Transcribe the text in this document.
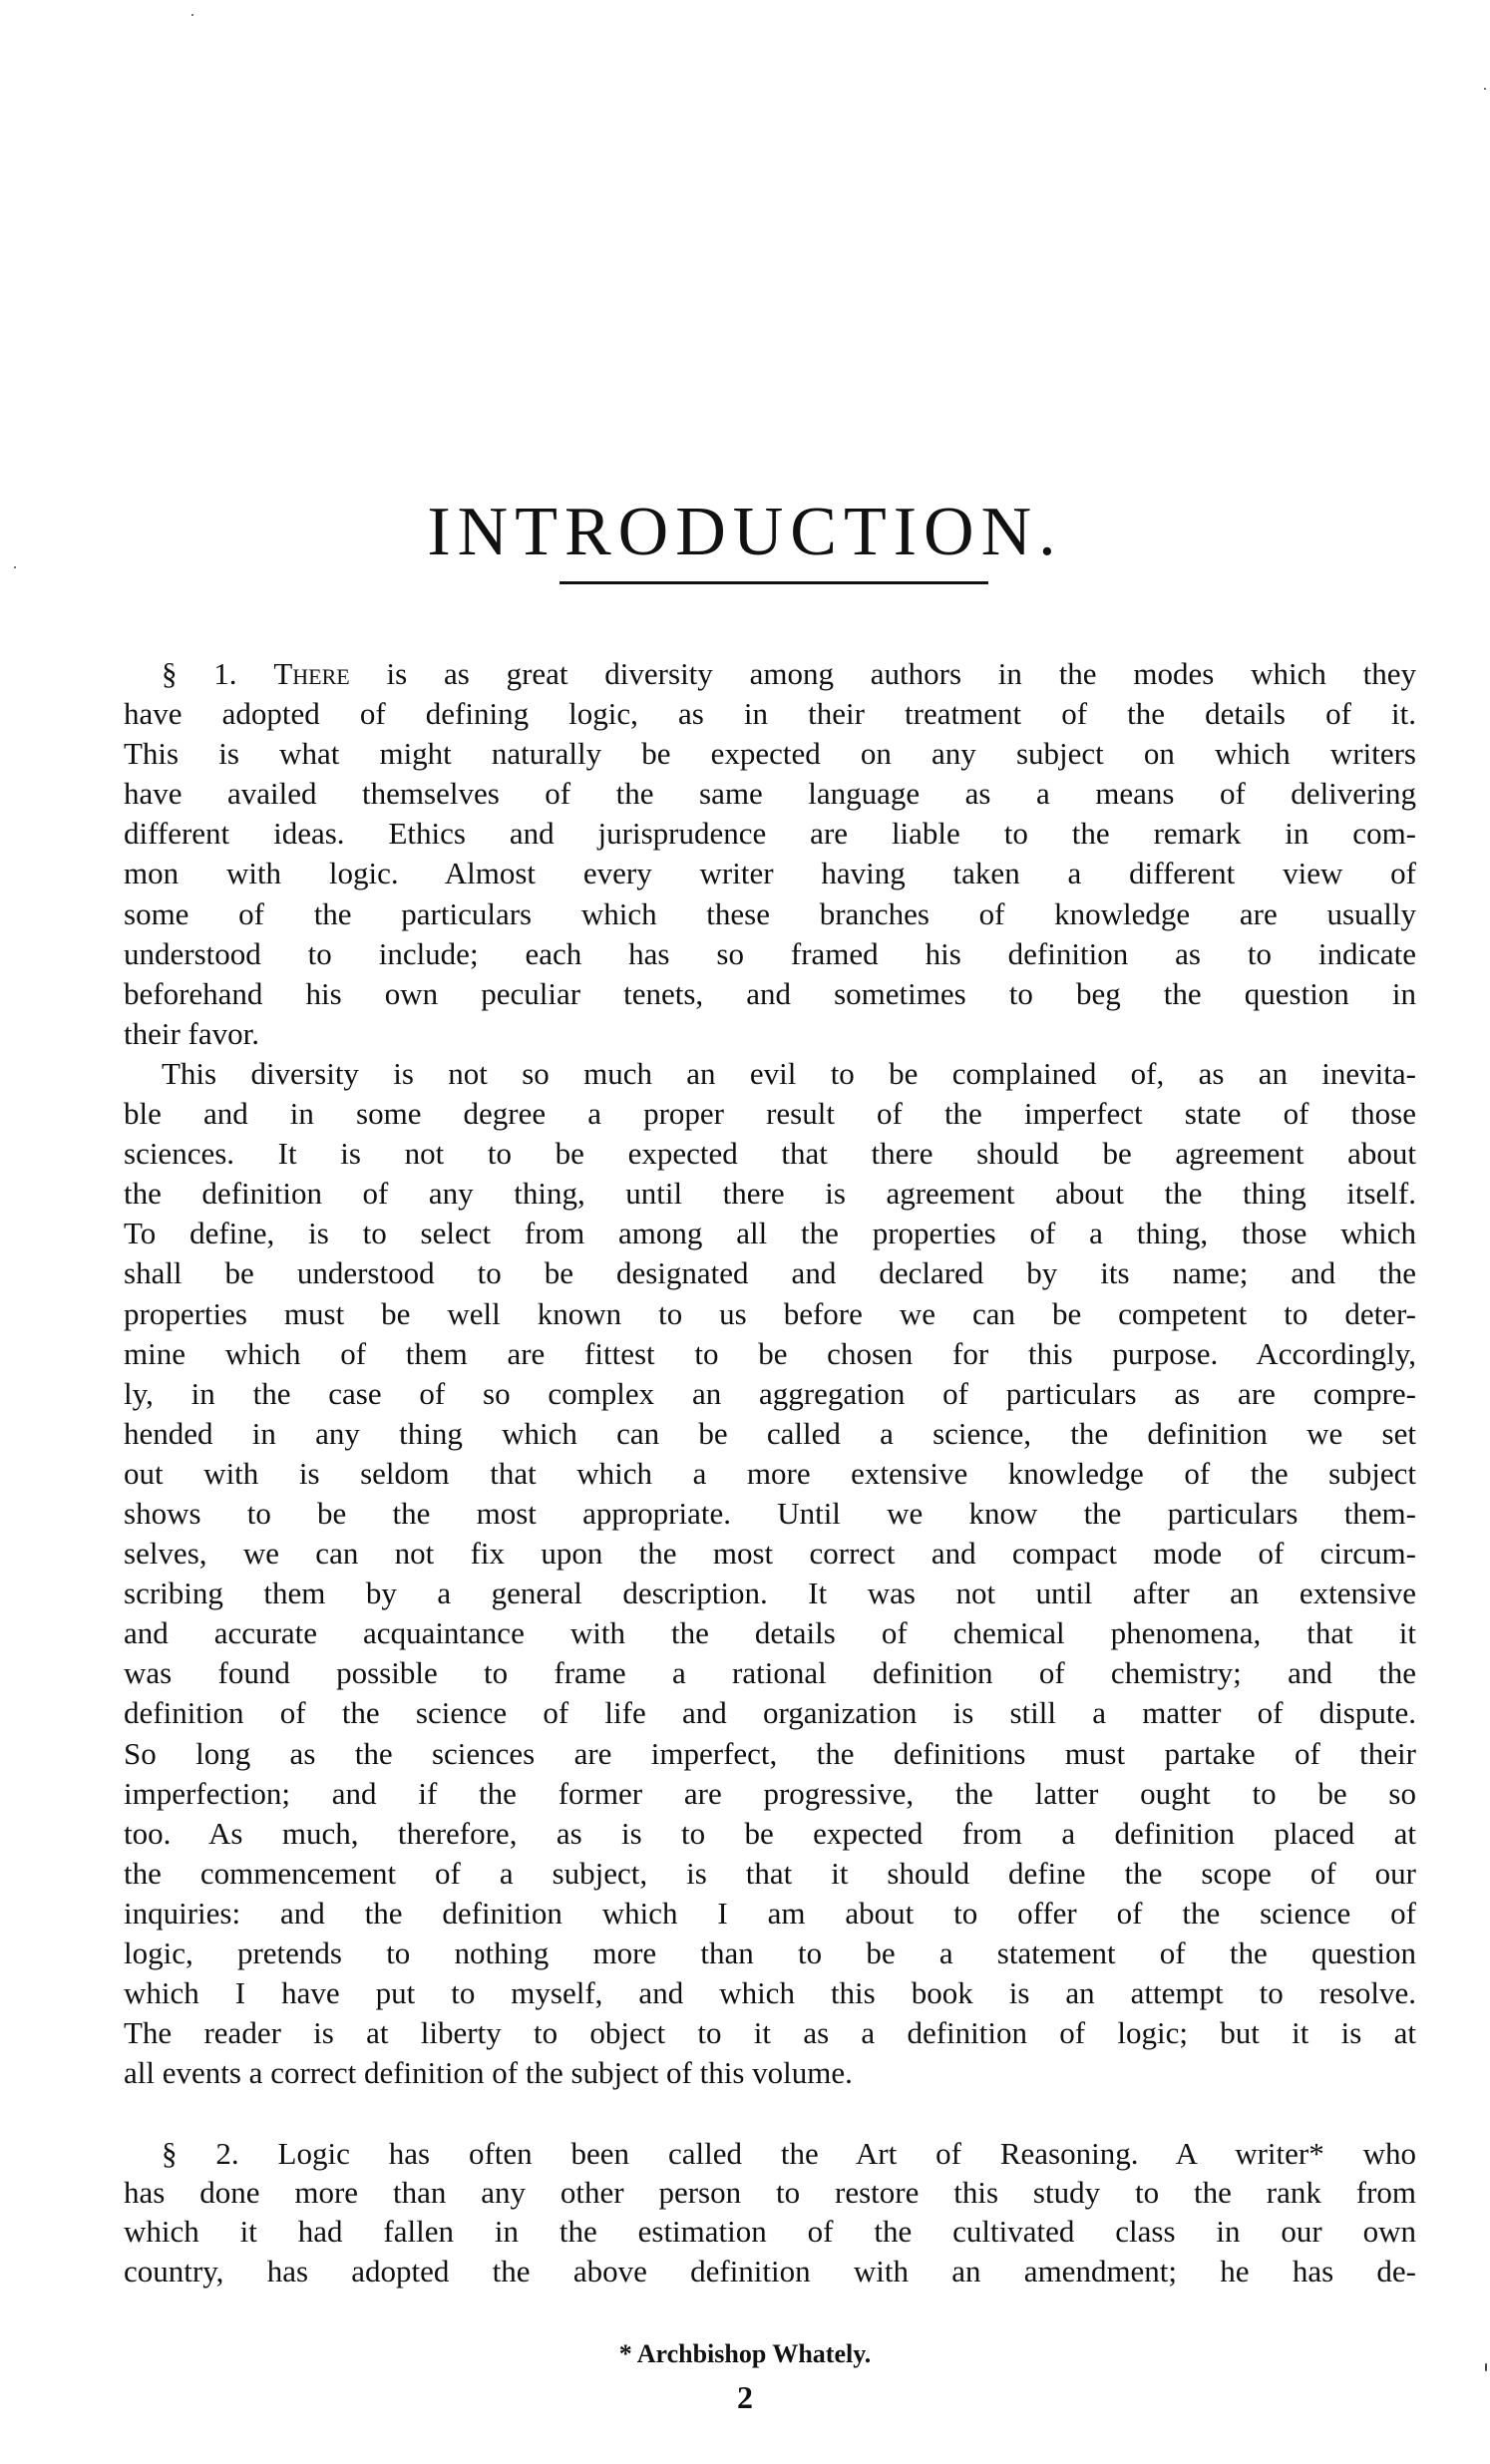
INTRODUCTION.
§ 1. There is as great diversity among authors in the modes which they
have adopted of defining logic, as in their treatment of the details of it.
This is what might naturally be expected on any subject on which writers
have availed themselves of the same language as a means of delivering
different ideas. Ethics and jurisprudence are liable to the remark in com-
mon with logic. Almost every writer having taken a different view of
some of the particulars which these branches of knowledge are usually
understood to include; each has so framed his definition as to indicate
beforehand his own peculiar tenets, and sometimes to beg the question in
their favor.
This diversity is not so much an evil to be complained of, as an inevita-
ble and in some degree a proper result of the imperfect state of those
sciences. It is not to be expected that there should be agreement about
the definition of any thing, until there is agreement about the thing itself.
To define, is to select from among all the properties of a thing, those which
shall be understood to be designated and declared by its name; and the
properties must be well known to us before we can be competent to deter-
mine which of them are fittest to be chosen for this purpose. Accordingly,
ly, in the case of so complex an aggregation of particulars as are compre-
hended in any thing which can be called a science, the definition we set
out with is seldom that which a more extensive knowledge of the subject
shows to be the most appropriate. Until we know the particulars them-
selves, we can not fix upon the most correct and compact mode of circum-
scribing them by a general description. It was not until after an extensive
and accurate acquaintance with the details of chemical phenomena, that it
was found possible to frame a rational definition of chemistry; and the
definition of the science of life and organization is still a matter of dispute.
So long as the sciences are imperfect, the definitions must partake of their
imperfection; and if the former are progressive, the latter ought to be so
too. As much, therefore, as is to be expected from a definition placed at
the commencement of a subject, is that it should define the scope of our
inquiries: and the definition which I am about to offer of the science of
logic, pretends to nothing more than to be a statement of the question
which I have put to myself, and which this book is an attempt to resolve.
The reader is at liberty to object to it as a definition of logic; but it is at
all events a correct definition of the subject of this volume.
§ 2. Logic has often been called the Art of Reasoning. A writer* who
has done more than any other person to restore this study to the rank from
which it had fallen in the estimation of the cultivated class in our own
country, has adopted the above definition with an amendment; he has de-
* Archbishop Whately.
2
